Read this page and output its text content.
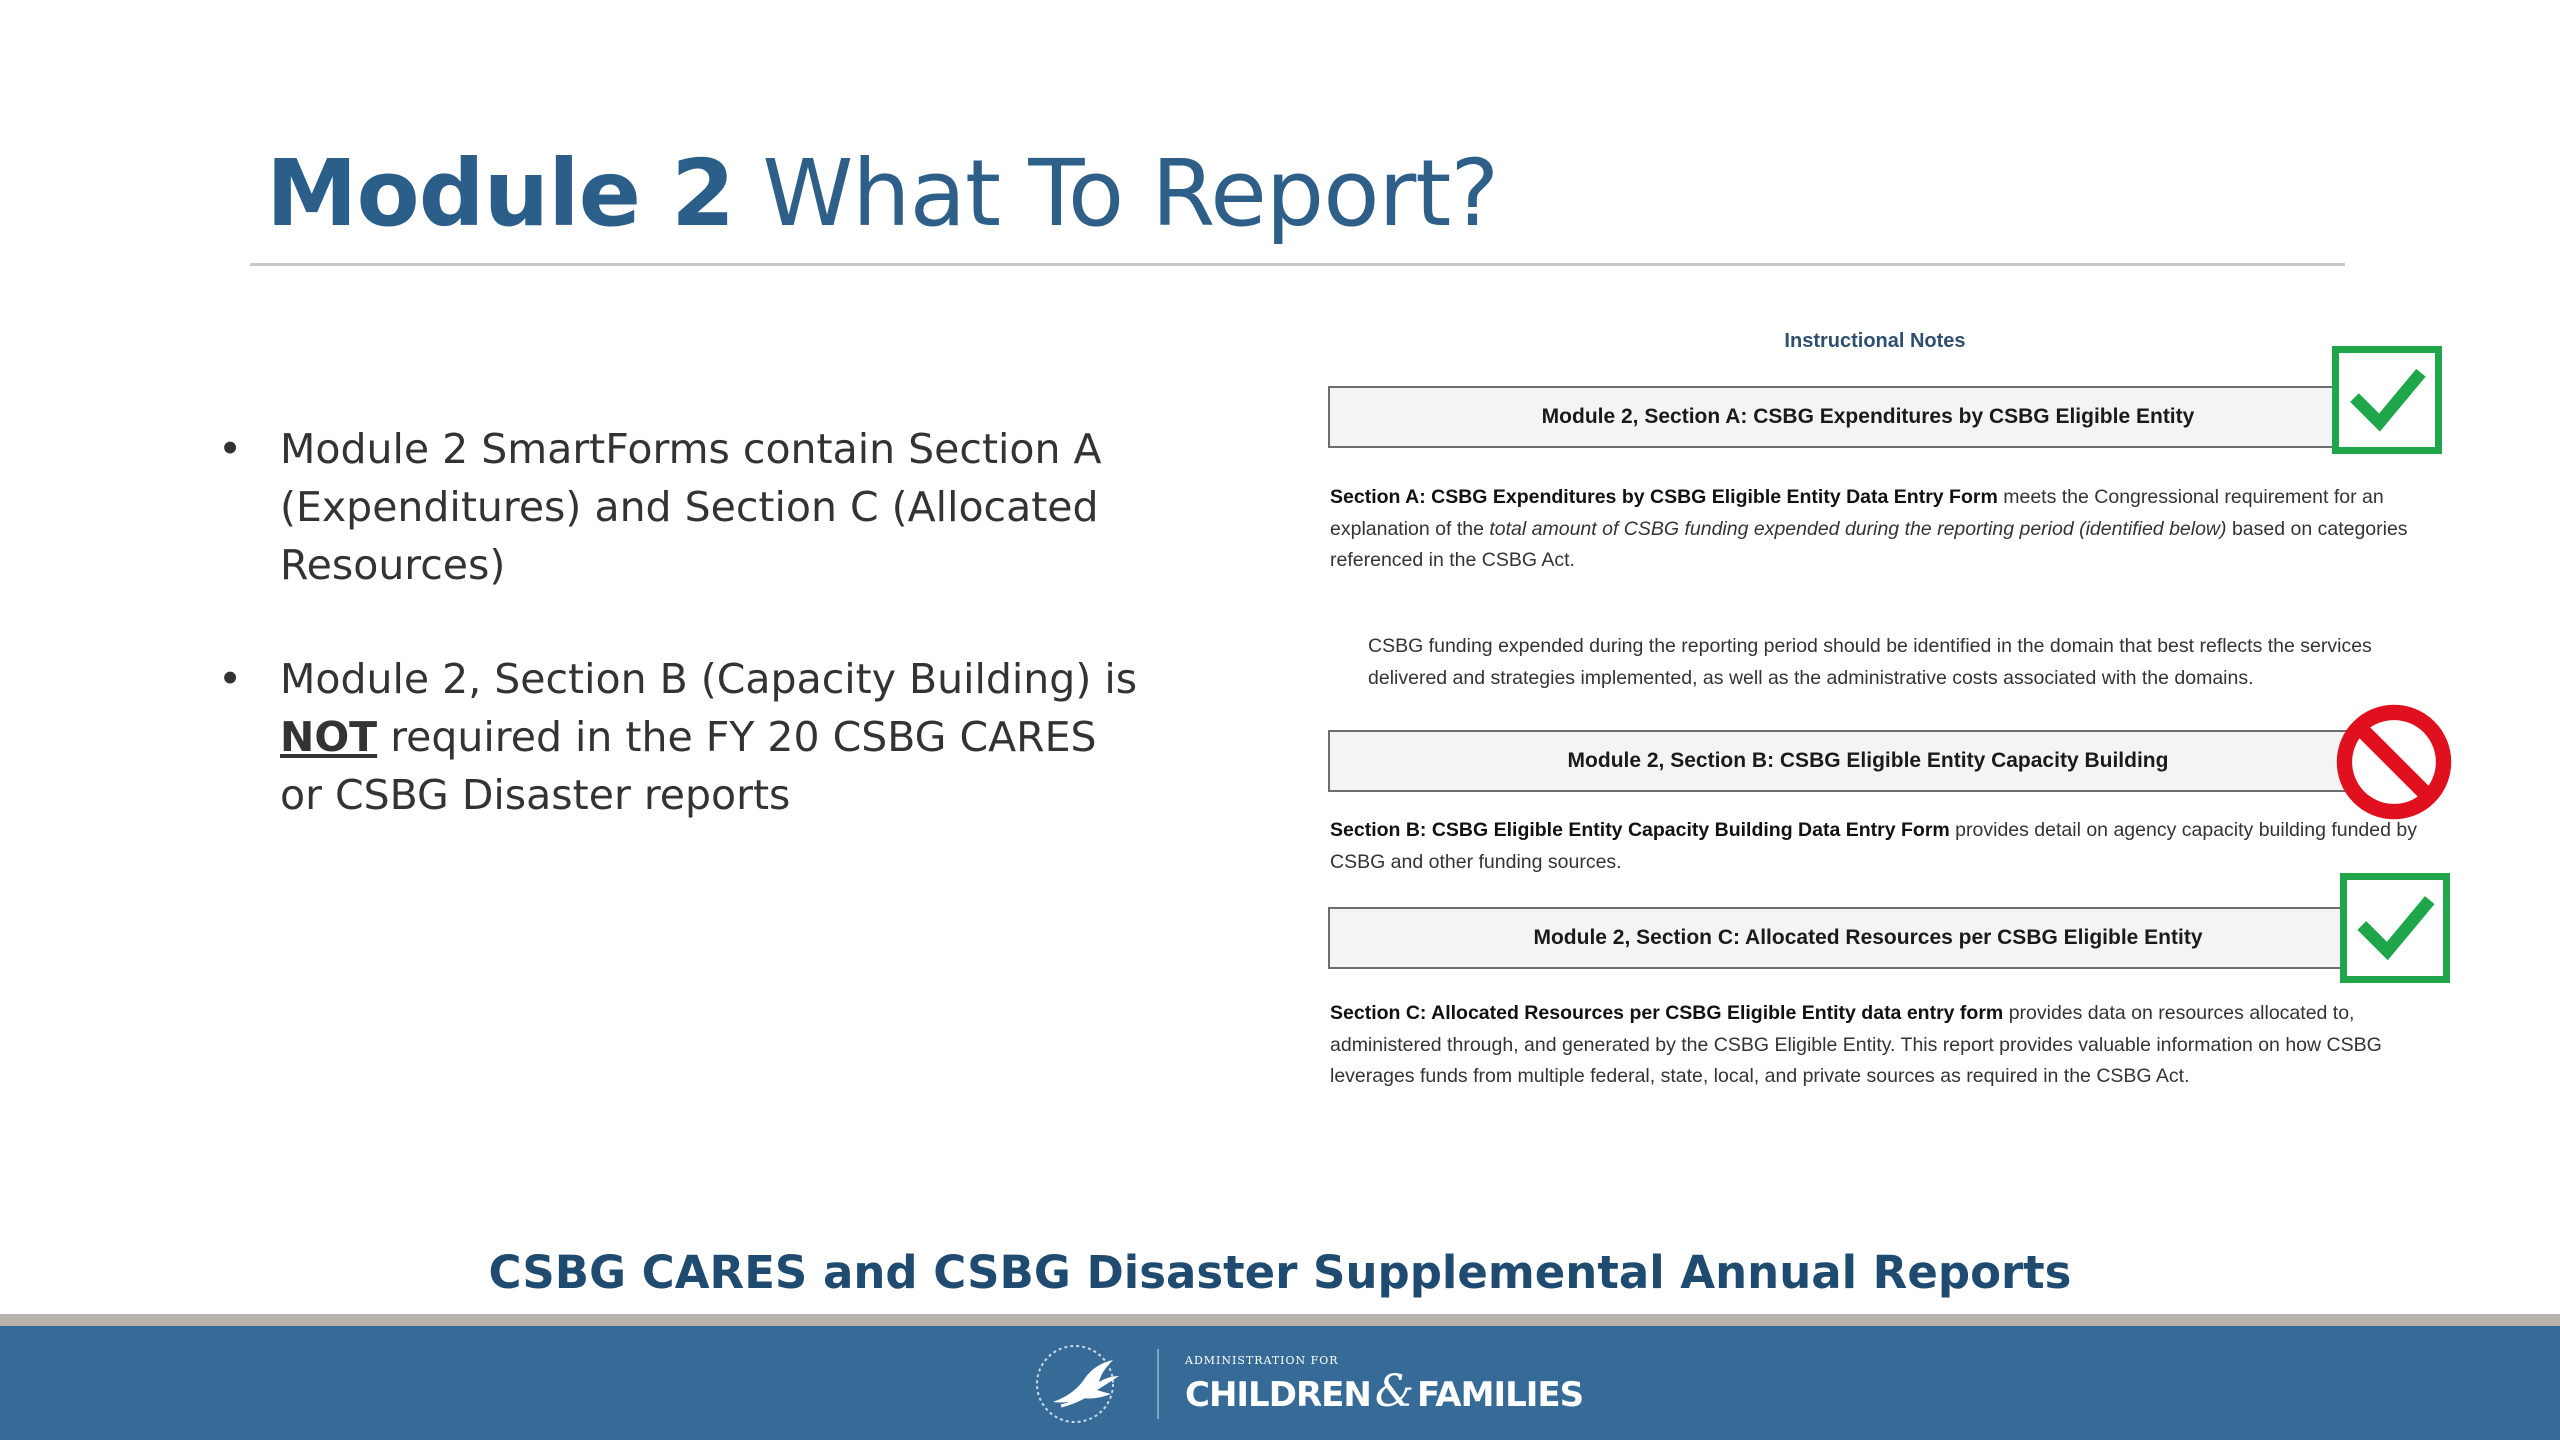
Module 2 What To Report?
• Module 2 SmartForms contain Section A (Expenditures) and Section C (Allocated Resources)
• Module 2, Section B (Capacity Building) is NOT required in the FY 20 CSBG CARES or CSBG Disaster reports
Instructional Notes
Module 2, Section A: CSBG Expenditures by CSBG Eligible Entity
Section A: CSBG Expenditures by CSBG Eligible Entity Data Entry Form meets the Congressional requirement for an explanation of the total amount of CSBG funding expended during the reporting period (identified below) based on categories referenced in the CSBG Act.
CSBG funding expended during the reporting period should be identified in the domain that best reflects the services delivered and strategies implemented, as well as the administrative costs associated with the domains.
Module 2, Section B: CSBG Eligible Entity Capacity Building
Section B: CSBG Eligible Entity Capacity Building Data Entry Form provides detail on agency capacity building funded by CSBG and other funding sources.
Module 2, Section C: Allocated Resources per CSBG Eligible Entity
Section C: Allocated Resources per CSBG Eligible Entity data entry form provides data on resources allocated to, administered through, and generated by the CSBG Eligible Entity. This report provides valuable information on how CSBG leverages funds from multiple federal, state, local, and private sources as required in the CSBG Act.
CSBG CARES and CSBG Disaster Supplemental Annual Reports
ADMINISTRATION FOR
CHILDREN& FAMILIES
